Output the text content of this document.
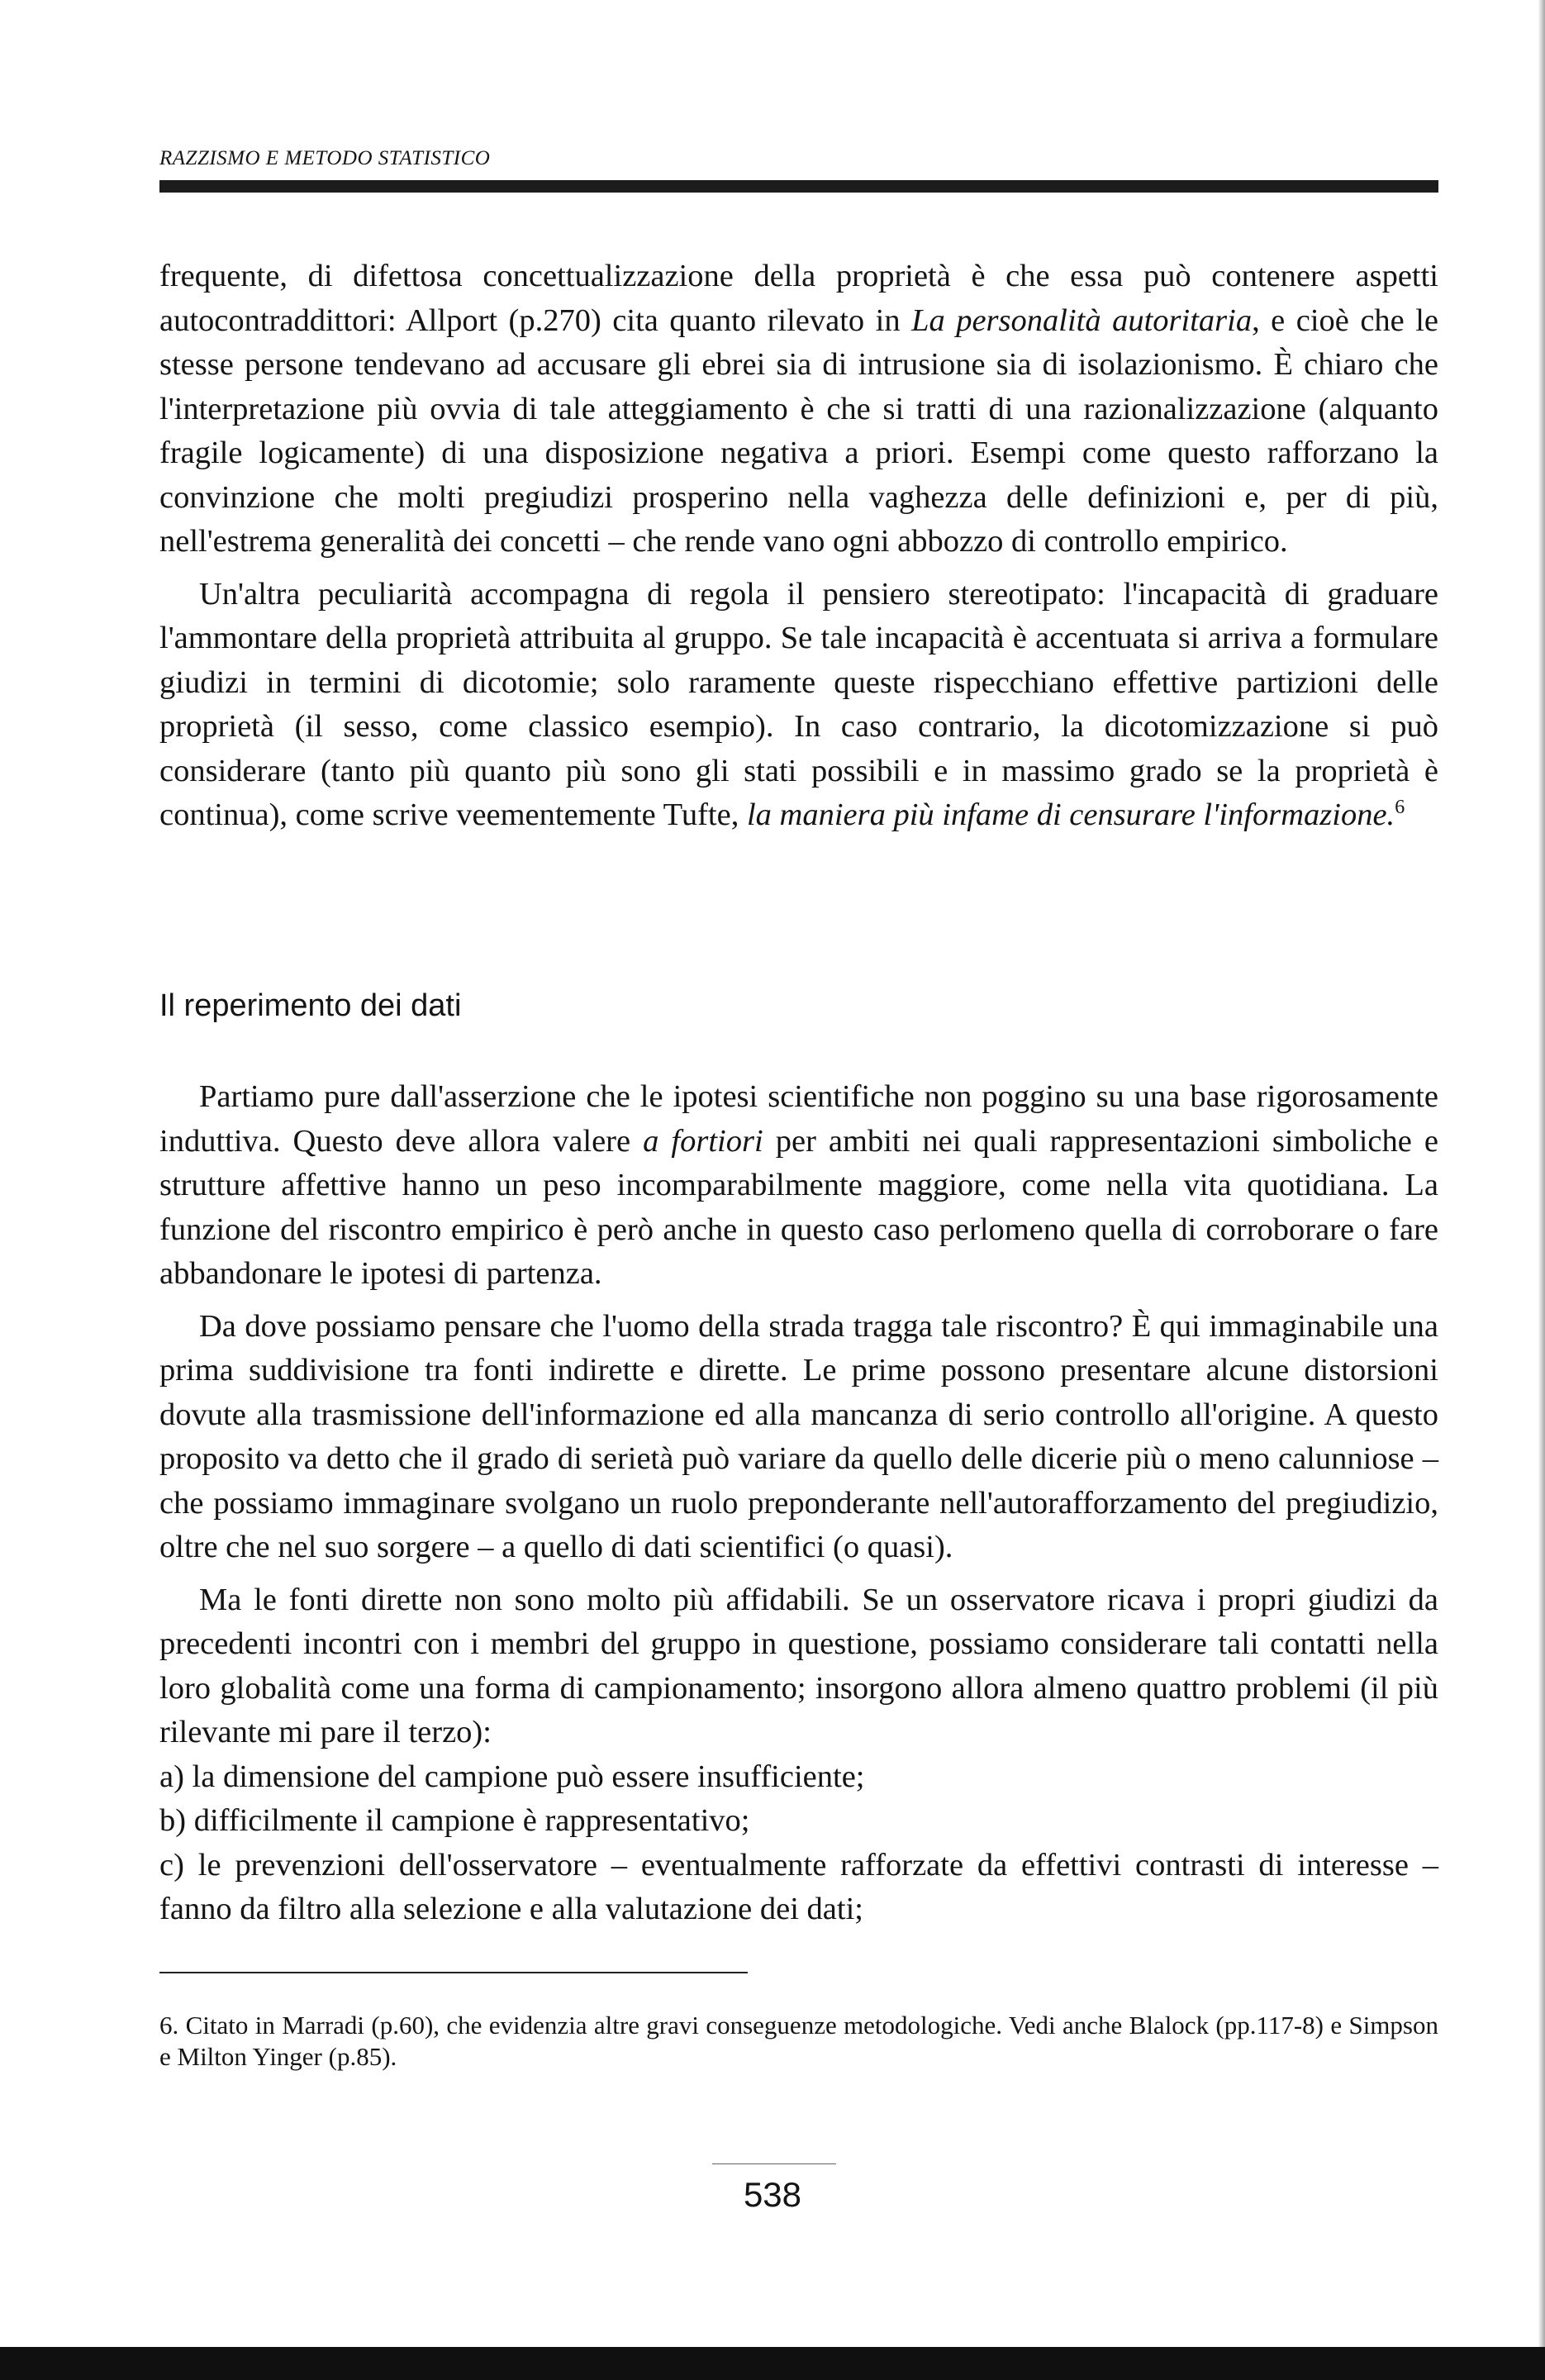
RAZZISMO E METODO STATISTICO

frequente, di difettosa concettualizzazione della proprietà è che essa può contenere aspetti autocontraddittori: Allport (p.270) cita quanto rilevato in La personalità autoritaria, e cioè che le stesse persone tendevano ad accusare gli ebrei sia di intrusione sia di isolazionismo. È chiaro che l'interpretazione più ovvia di tale atteggiamento è che si tratti di una razionalizzazione (alquanto fragile logicamente) di una disposizione negativa a priori. Esempi come questo rafforzano la convinzione che molti pregiudizi prosperino nella vaghezza delle definizioni e, per di più, nell'estrema generalità dei concetti – che rende vano ogni abbozzo di controllo empirico.

Un'altra peculiarità accompagna di regola il pensiero stereotipato: l'incapacità di graduare l'ammontare della proprietà attribuita al gruppo. Se tale incapacità è accentuata si arriva a formulare giudizi in termini di dicotomie; solo raramente queste rispecchiano effettive partizioni delle proprietà (il sesso, come classico esempio). In caso contrario, la dicotomizzazione si può considerare (tanto più quanto più sono gli stati possibili e in massimo grado se la proprietà è continua), come scrive veementemente Tufte, la maniera più infame di censurare l'informazione.$^6$

Il reperimento dei dati

Partiamo pure dall'asserzione che le ipotesi scientifiche non poggino su una base rigorosamente induttiva. Questo deve allora valere a fortiori per ambiti nei quali rappresentazioni simboliche e strutture affettive hanno un peso incomparabilmente maggiore, come nella vita quotidiana. La funzione del riscontro empirico è però anche in questo caso perlomeno quella di corroborare o fare abbandonare le ipotesi di partenza.

Da dove possiamo pensare che l'uomo della strada tragga tale riscontro? È qui immaginabile una prima suddivisione tra fonti indirette e dirette. Le prime possono presentare alcune distorsioni dovute alla trasmissione dell'informazione ed alla mancanza di serio controllo all'origine. A questo proposito va detto che il grado di serietà può variare da quello delle dicerie più o meno calunniose – che possiamo immaginare svolgano un ruolo preponderante nell'autorafforzamento del pregiudizio, oltre che nel suo sorgere – a quello di dati scientifici (o quasi).

Ma le fonti dirette non sono molto più affidabili. Se un osservatore ricava i propri giudizi da precedenti incontri con i membri del gruppo in questione, possiamo considerare tali contatti nella loro globalità come una forma di campionamento; insorgono allora almeno quattro problemi (il più rilevante mi pare il terzo):

a) la dimensione del campione può essere insufficiente;

b) difficilmente il campione è rappresentativo;

c) le prevenzioni dell'osservatore – eventualmente rafforzate da effettivi contrasti di interesse – fanno da filtro alla selezione e alla valutazione dei dati;

6. Citato in Marradi (p.60), che evidenzia altre gravi conseguenze metodologiche. Vedi anche Blalock (pp.117-8) e Simpson e Milton Yinger (p.85).

538
